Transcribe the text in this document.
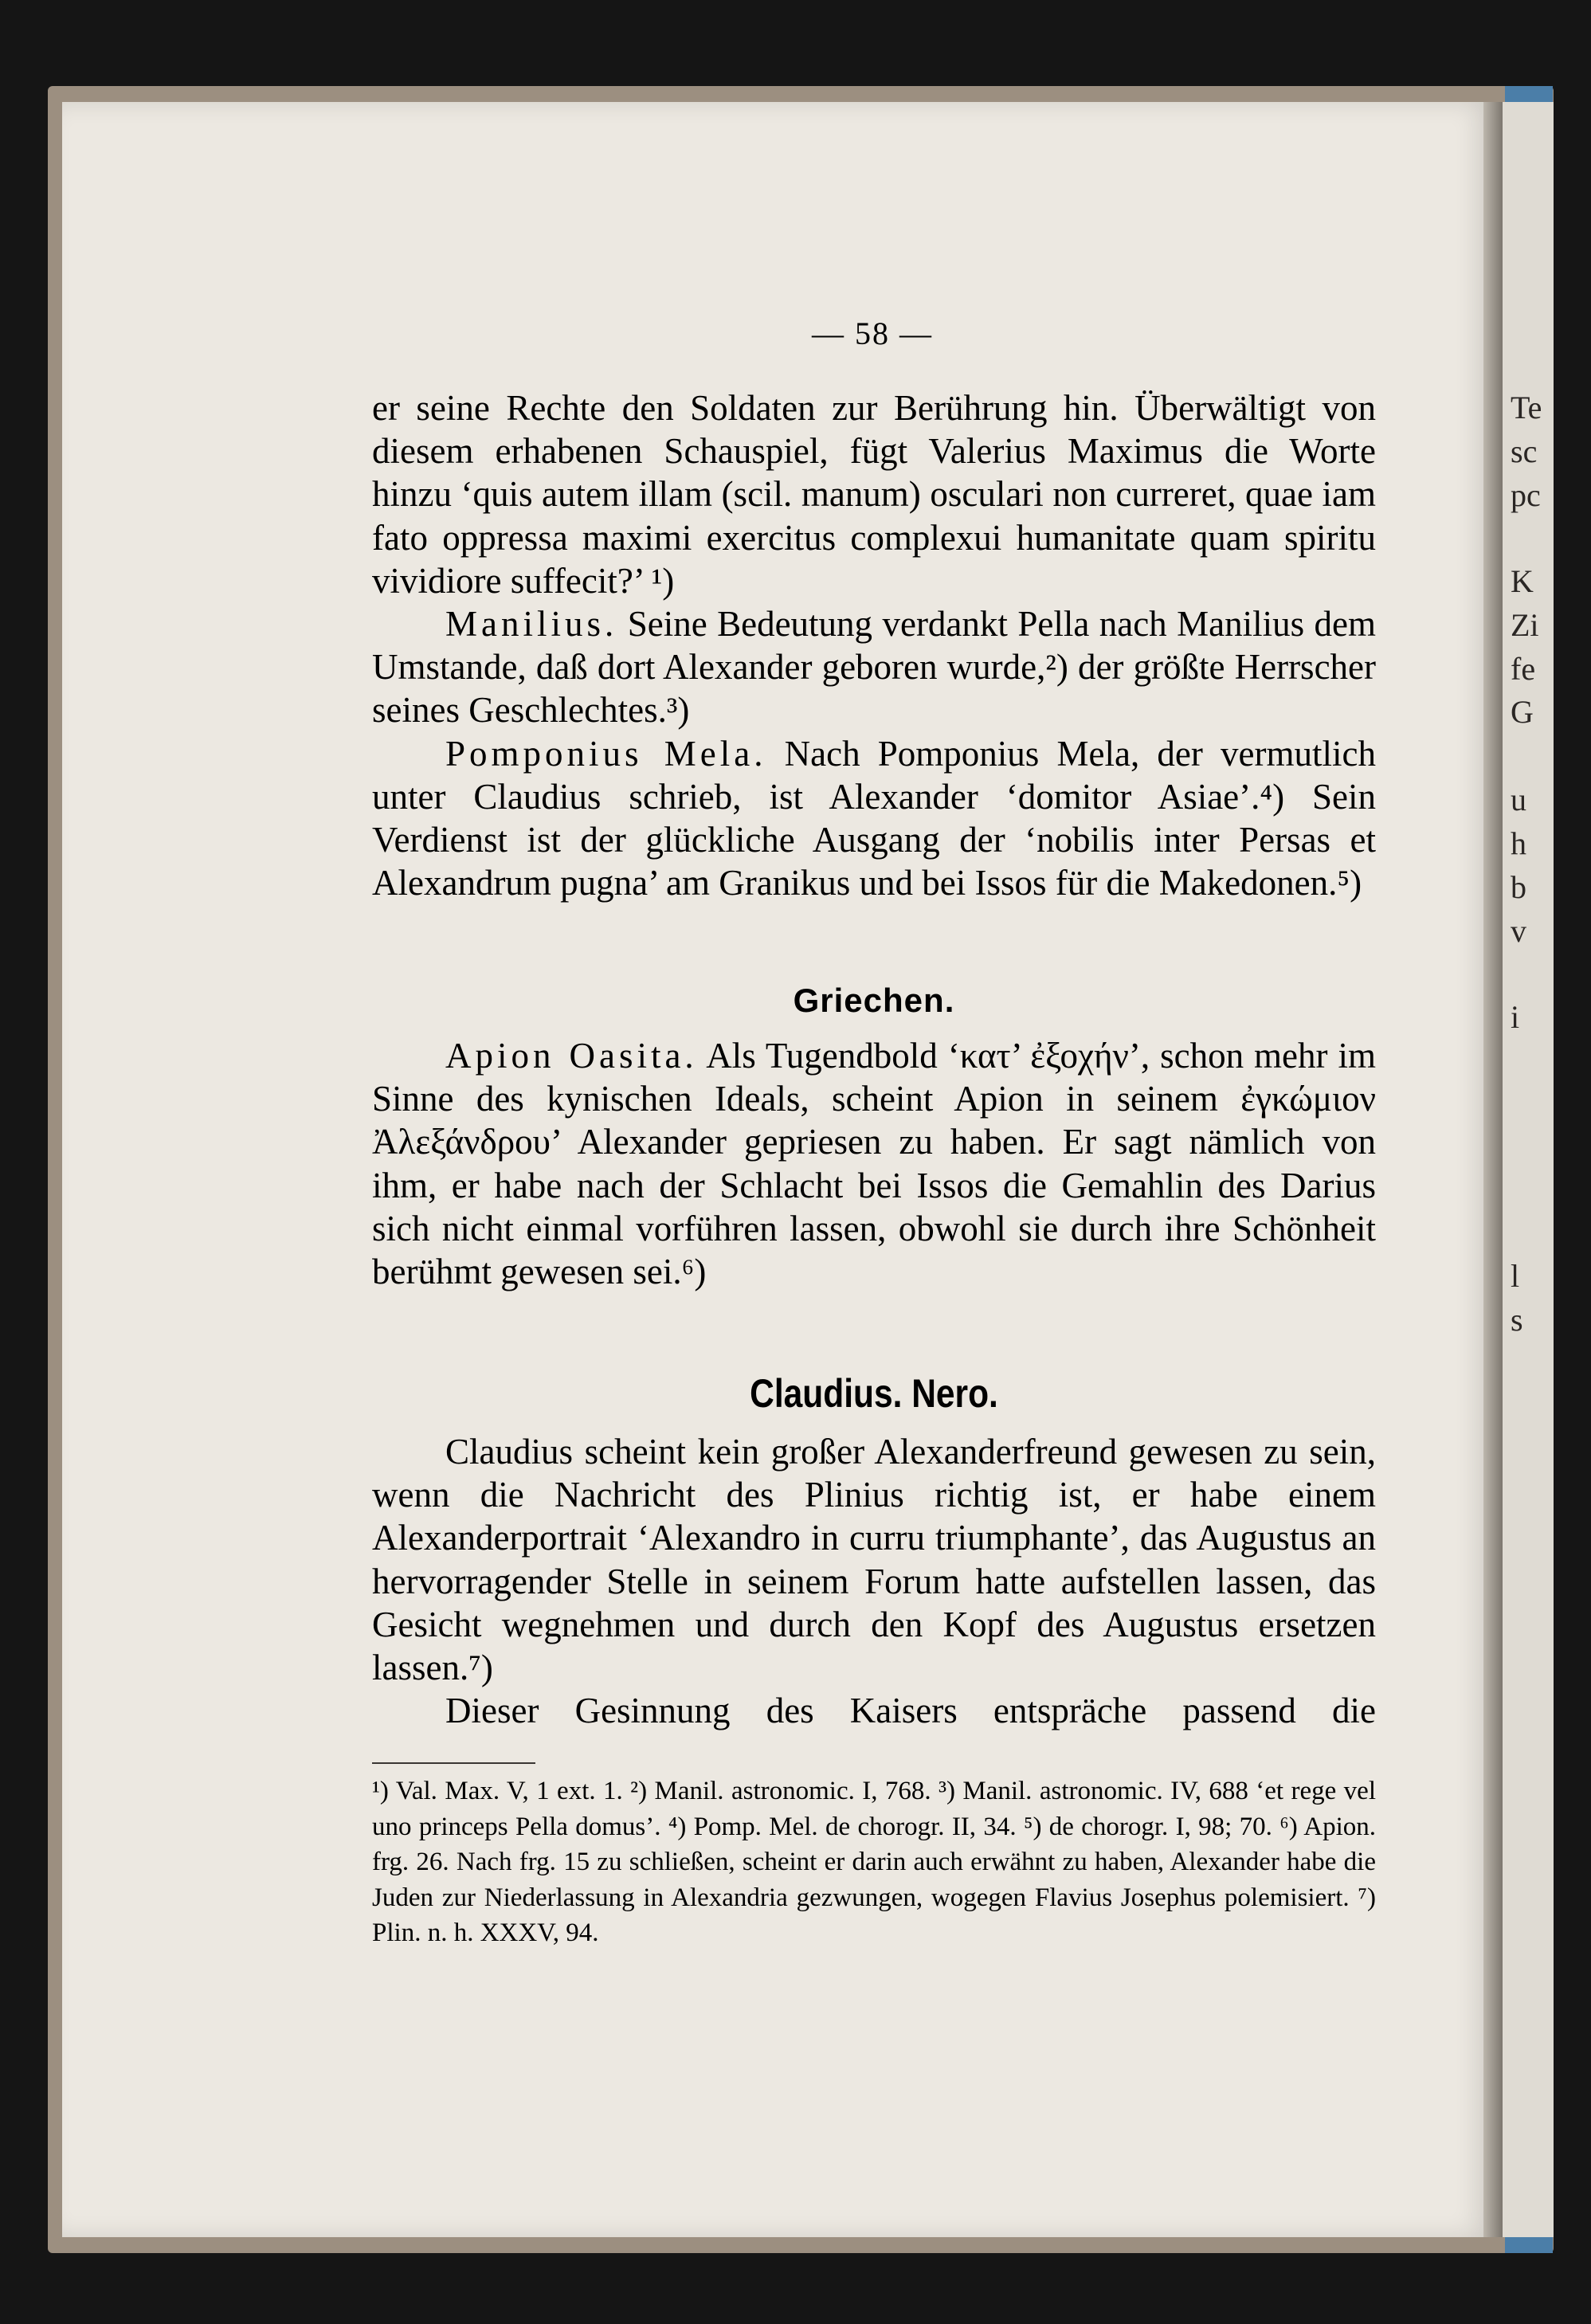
Te
sc
pc
K
Zi
fe
G
u
h
b
v
i
l
s
— 58 —

er seine Rechte den Soldaten zur Berührung hin. Überwältigt von diesem erhabenen Schauspiel, fügt Valerius Maximus die Worte hinzu ‘quis autem illam (scil. manum) osculari non curreret, quae iam fato oppressa maximi exercitus complexui humanitate quam spiritu vividiore suffecit?’ ¹)

Manilius. Seine Bedeutung verdankt Pella nach Manilius dem Umstande, daß dort Alexander geboren wurde,²) der größte Herrscher seines Geschlechtes.³)

Pomponius Mela. Nach Pomponius Mela, der vermutlich unter Claudius schrieb, ist Alexander ‘domitor Asiae’.⁴) Sein Verdienst ist der glückliche Ausgang der ‘nobilis inter Persas et Alexandrum pugna’ am Granikus und bei Issos für die Makedonen.⁵)

Griechen.

Apion Oasita. Als Tugendbold ‘κατ’ ἐξοχήν’, schon mehr im Sinne des kynischen Ideals, scheint Apion in seinem ἐγκώμιον Ἀλεξάνδρου’ Alexander gepriesen zu haben. Er sagt nämlich von ihm, er habe nach der Schlacht bei Issos die Gemahlin des Darius sich nicht einmal vorführen lassen, obwohl sie durch ihre Schönheit berühmt gewesen sei.⁶)

Claudius. Nero.

Claudius scheint kein großer Alexanderfreund gewesen zu sein, wenn die Nachricht des Plinius richtig ist, er habe einem Alexanderportrait ‘Alexandro in curru triumphante’, das Augustus an hervorragender Stelle in seinem Forum hatte aufstellen lassen, das Gesicht wegnehmen und durch den Kopf des Augustus ersetzen lassen.⁷)

Dieser Gesinnung des Kaisers entspräche passend die

¹) Val. Max. V, 1 ext. 1. ²) Manil. astronomic. I, 768. ³) Manil. astronomic. IV, 688 ‘et rege vel uno princeps Pella domus’. ⁴) Pomp. Mel. de chorogr. II, 34. ⁵) de chorogr. I, 98; 70. ⁶) Apion. frg. 26. Nach frg. 15 zu schließen, scheint er darin auch erwähnt zu haben, Alexander habe die Juden zur Niederlassung in Alexandria gezwungen, wogegen Flavius Josephus polemisiert. ⁷) Plin. n. h. XXXV, 94.
